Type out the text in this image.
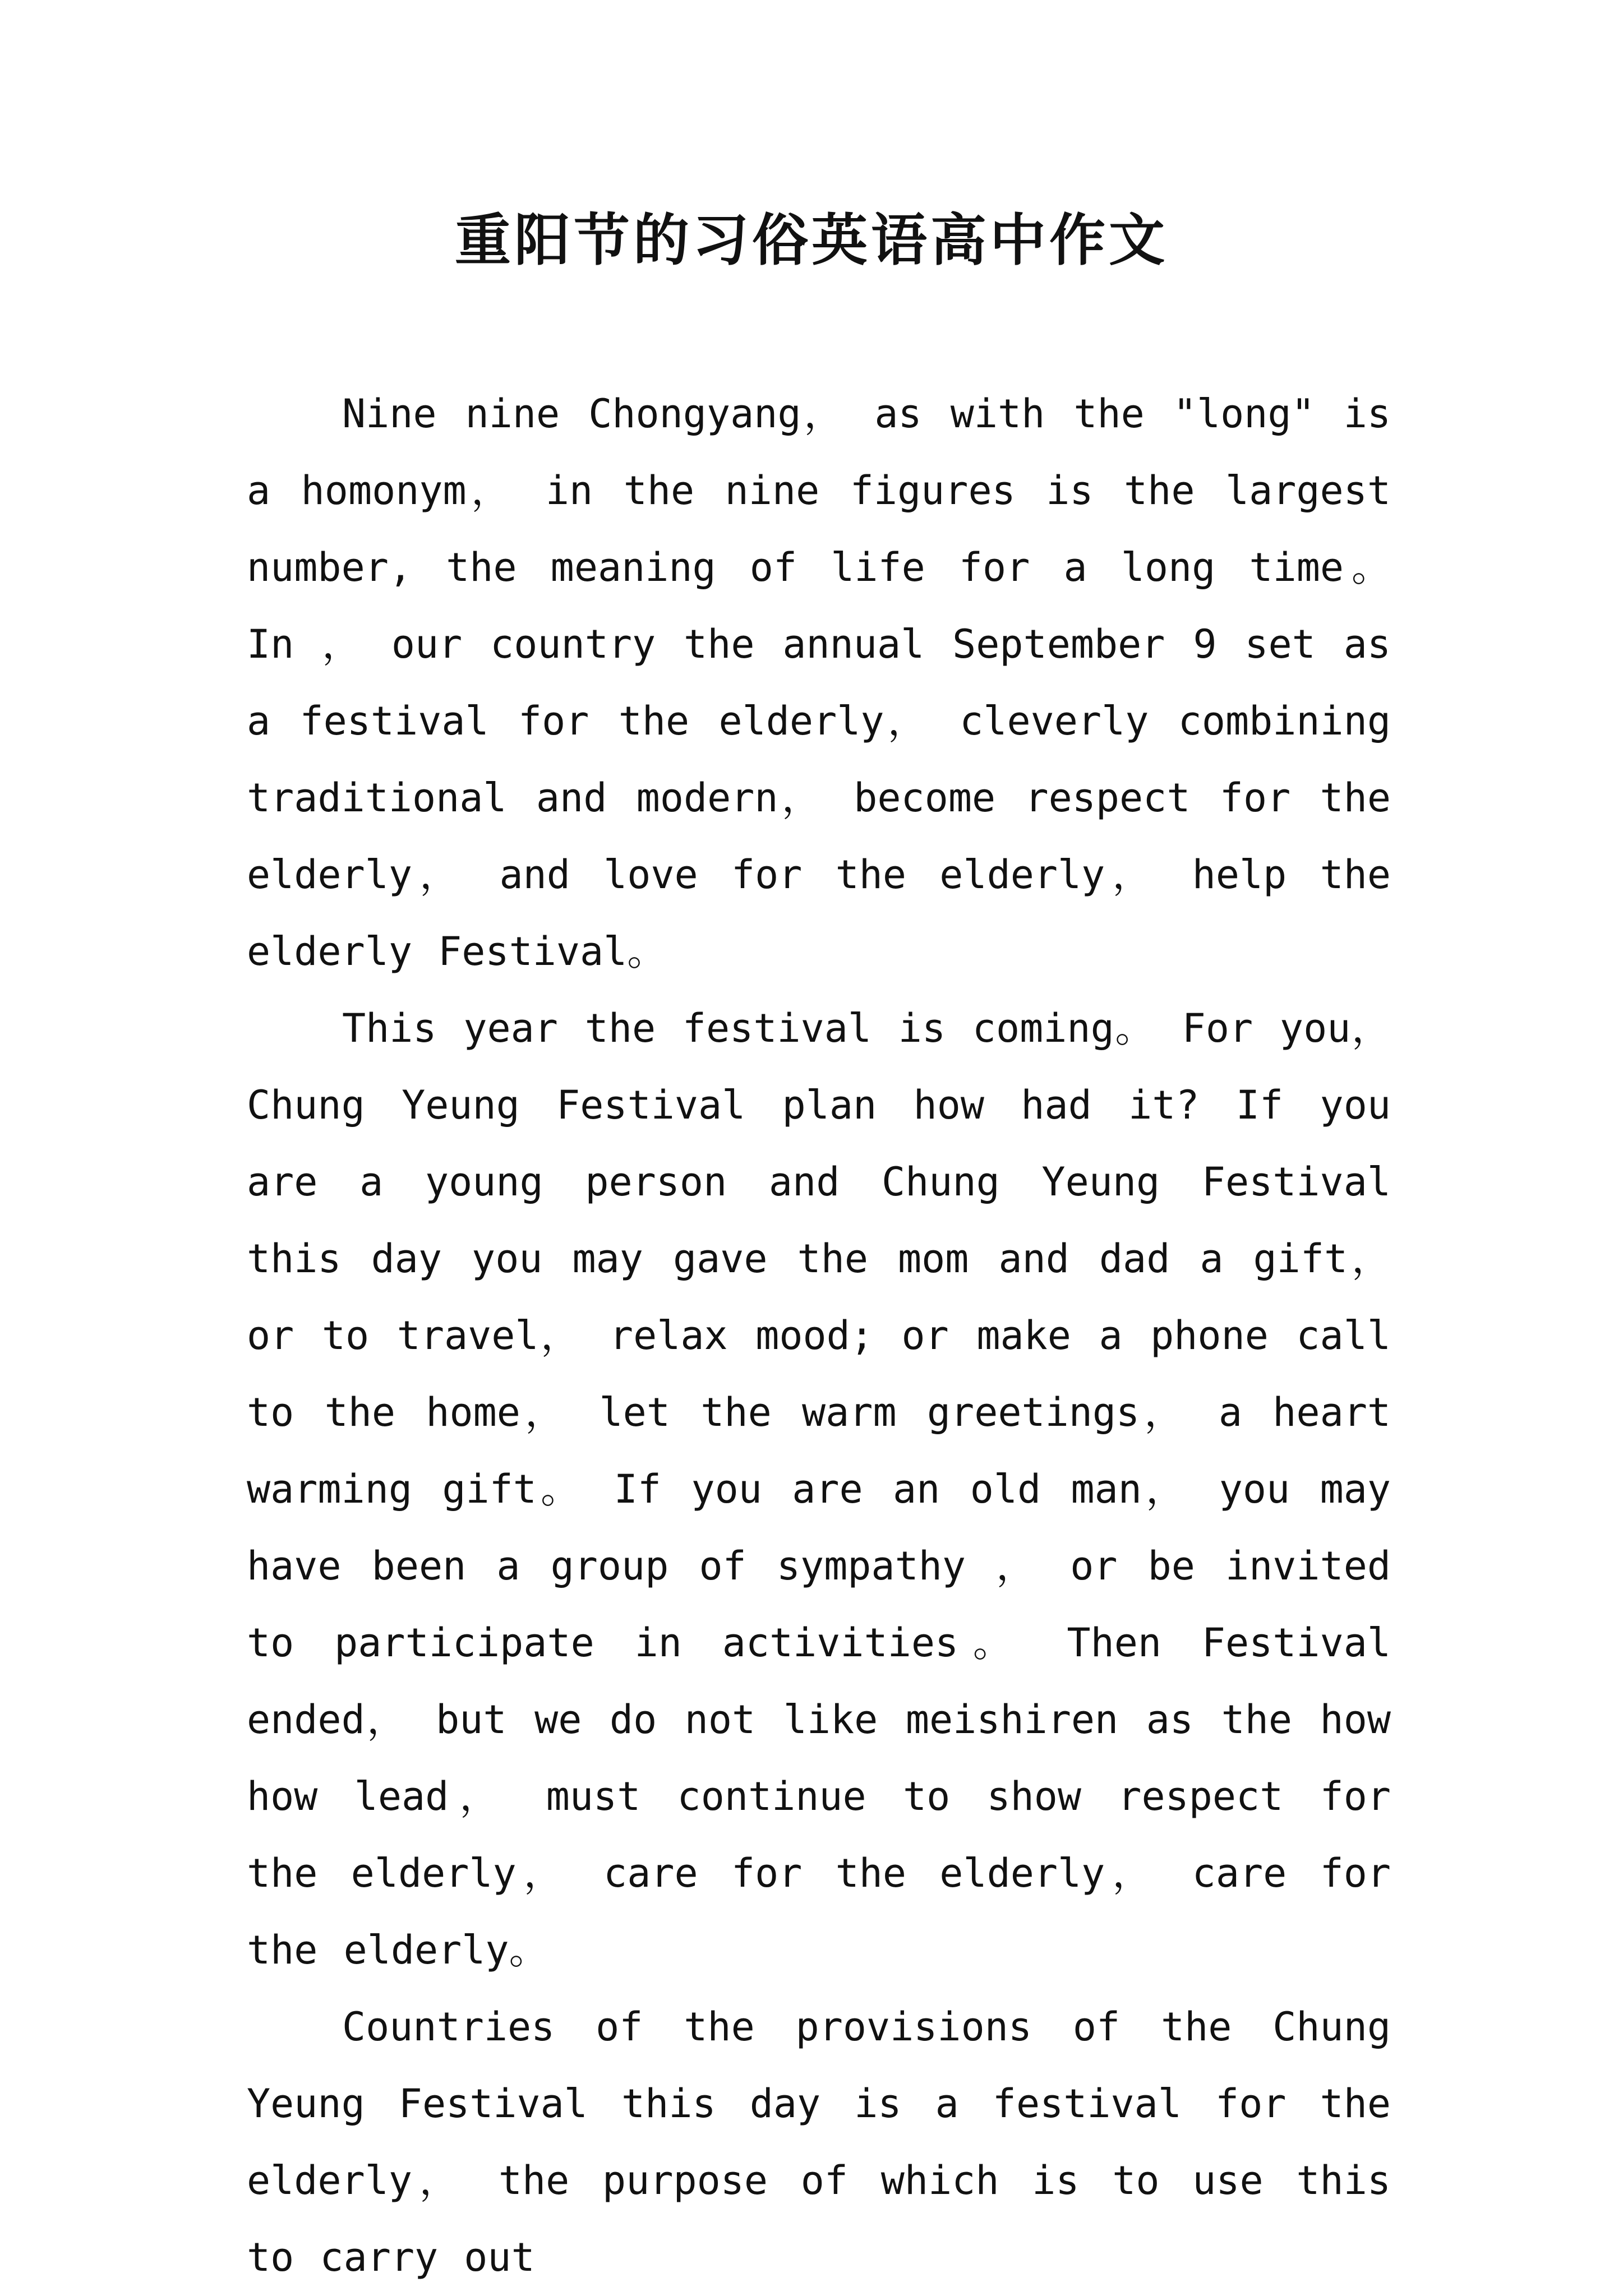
重阳节的习俗英语高中作文

Nine nine Chongyang， as with the "long" is a homonym， in the nine figures is the largest number, the meaning of life for a long time。 In ， our country the annual September 9 set as a festival for the elderly， cleverly combining traditional and modern， become respect for the elderly， and love for the elderly， help the elderly Festival。

This year the festival is coming。 For you， Chung Yeung Festival plan how had it? If you are a young person and Chung Yeung Festival this day you may gave the mom and dad a gift， or to travel， relax mood; or make a phone call to the home， let the warm greetings， a heart warming gift。 If you are an old man， you may have been a group of sympathy ， or be invited to participate in activities。 Then Festival ended， but we do not like meishiren as the how how lead， must continue to show respect for the elderly， care for the elderly， care for the elderly。

Countries of the provisions of the Chung Yeung Festival this day is a festival for the elderly， the purpose of which is to use this to carry out
